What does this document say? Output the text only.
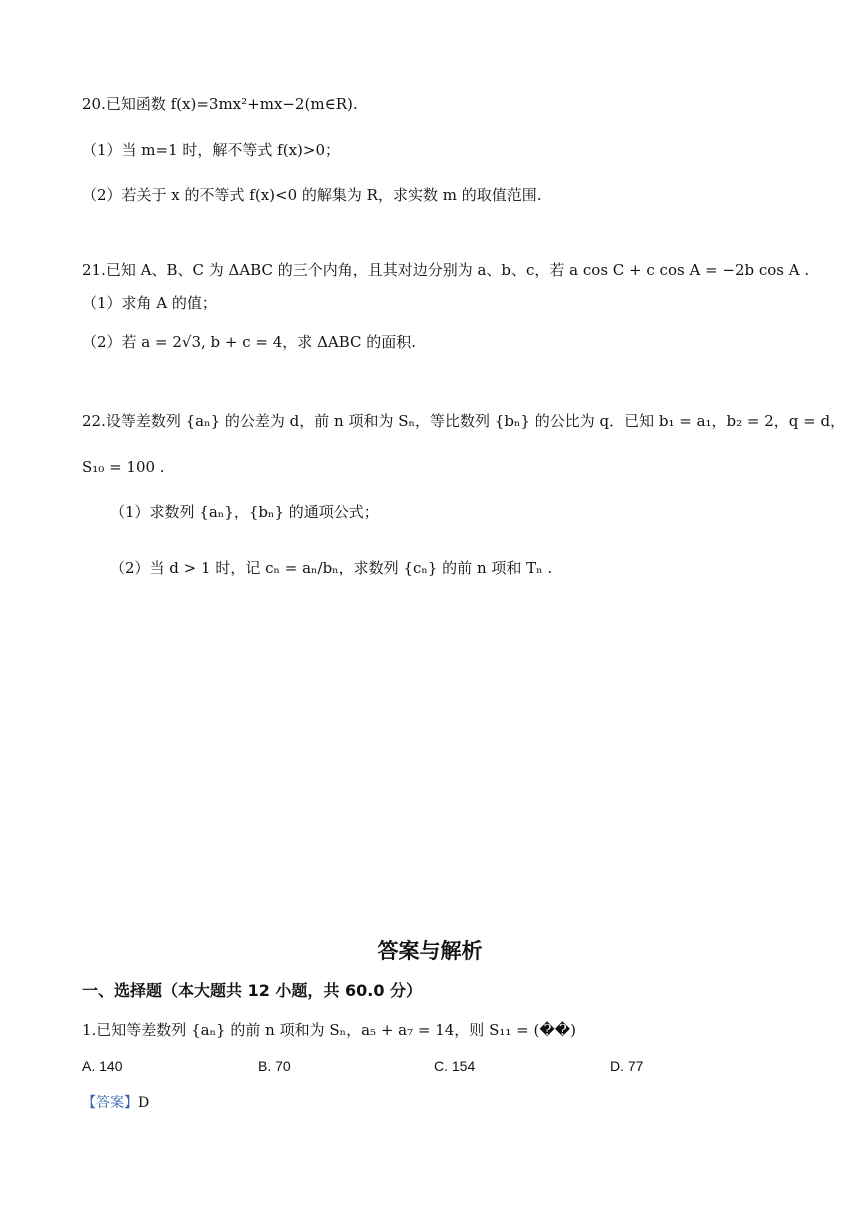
20.已知函数 f(x)=3mx²+mx−2(m∈R).
（1）当 m=1 时，解不等式 f(x)>0；
（2）若关于 x 的不等式 f(x)<0 的解集为 R，求实数 m 的取值范围.
21.已知 A、B、C 为 ΔABC 的三个内角，且其对边分别为 a、b、c，若 a cos C + c cos A = −2b cos A .
（1）求角 A 的值；
（2）若 a = 2√3, b + c = 4，求 ΔABC 的面积.
22.设等差数列 {aₙ} 的公差为 d，前 n 项和为 Sₙ，等比数列 {bₙ} 的公比为 q．已知 b₁ = a₁，b₂ = 2，q = d，
S₁₀ = 100 .
（1）求数列 {aₙ}，{bₙ} 的通项公式；
（2）当 d > 1 时，记 cₙ = aₙ/bₙ，求数列 {cₙ} 的前 n 项和 Tₙ .
答案与解析
一、选择题（本大题共 12 小题，共 60.0 分）
1.已知等差数列 {aₙ} 的前 n 项和为 Sₙ，a₅ + a₇ = 14，则 S₁₁ = (��)
A. 140	B. 70	C. 154	D. 77
【答案】D
